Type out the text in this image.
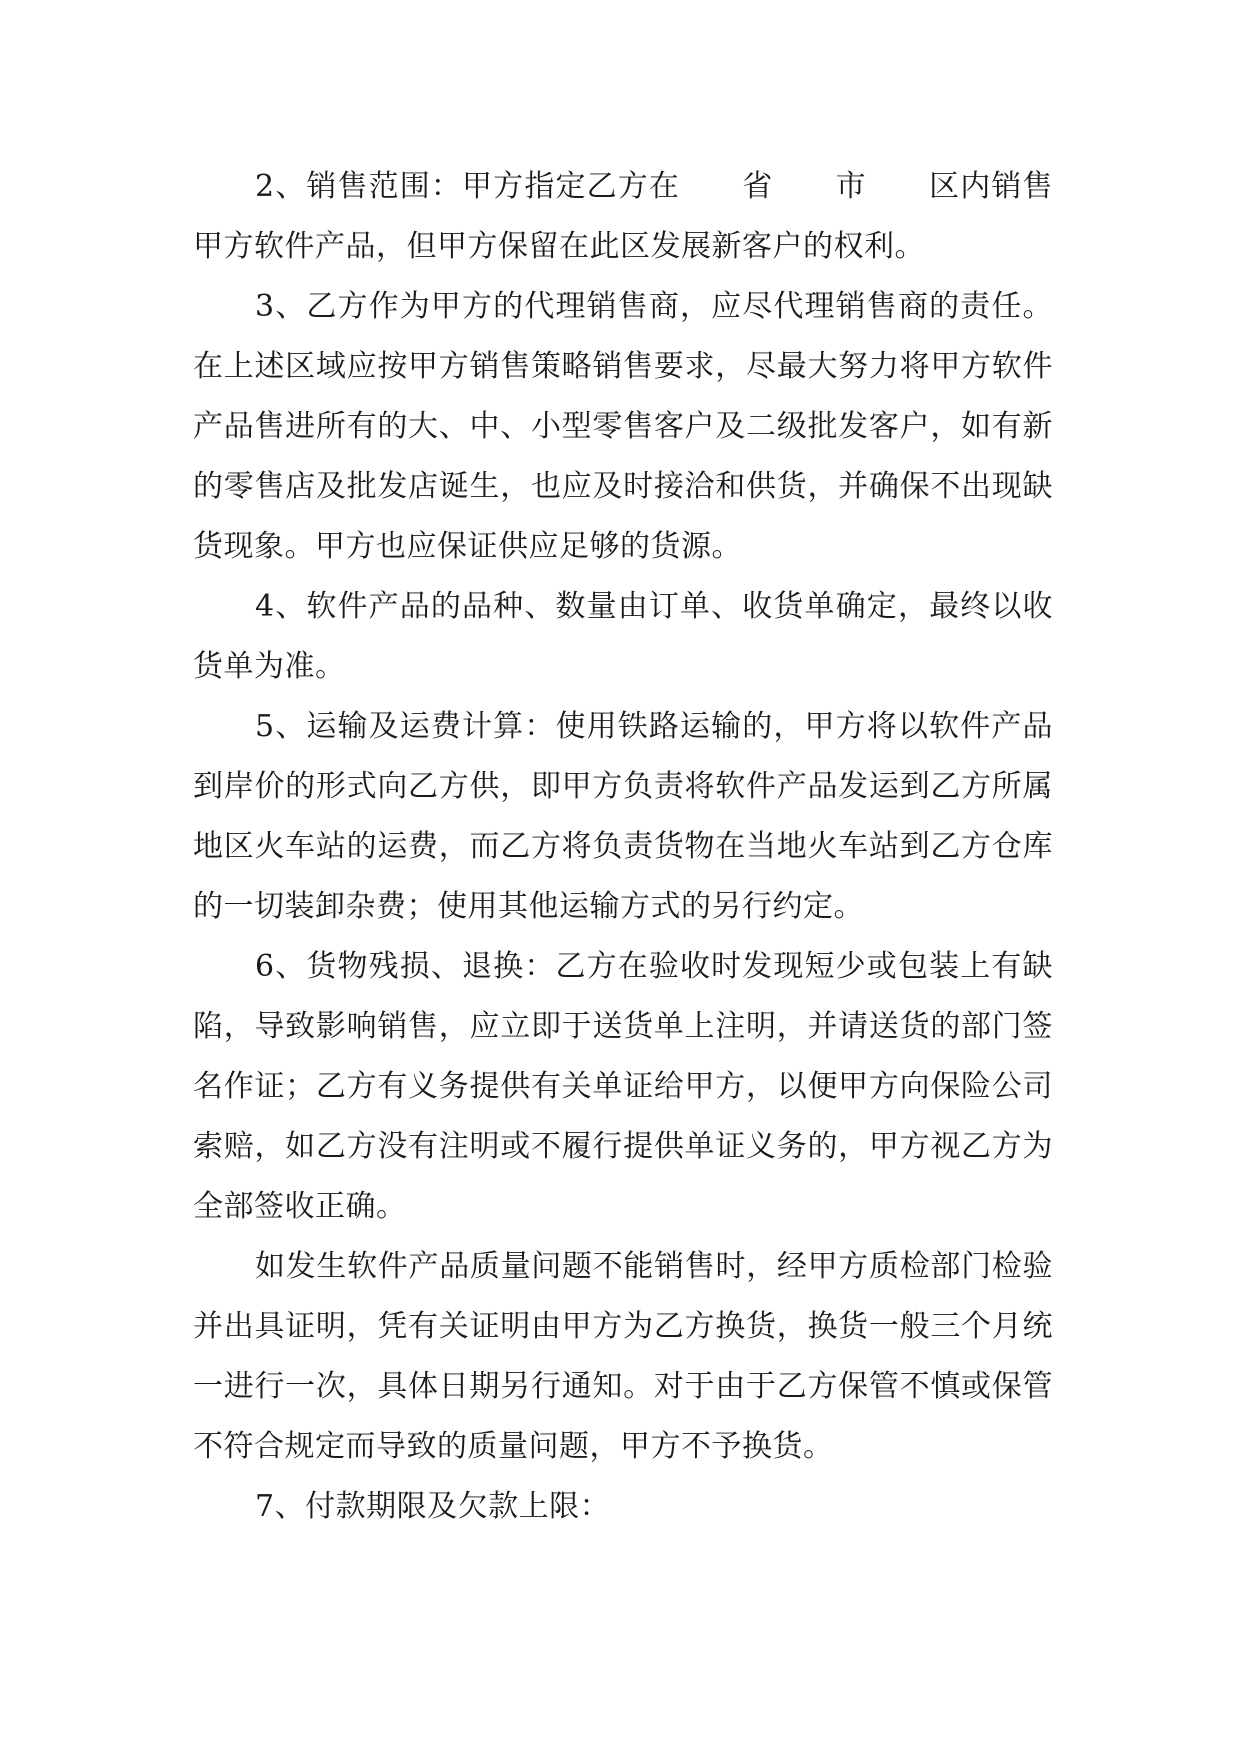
2、销售范围：甲方指定乙方在　　省　　市　　区内销售甲方软件产品，但甲方保留在此区发展新客户的权利。

3、乙方作为甲方的代理销售商，应尽代理销售商的责任。在上述区域应按甲方销售策略销售要求，尽最大努力将甲方软件产品售进所有的大、中、小型零售客户及二级批发客户，如有新的零售店及批发店诞生，也应及时接洽和供货，并确保不出现缺货现象。甲方也应保证供应足够的货源。

4、软件产品的品种、数量由订单、收货单确定，最终以收货单为准。

5、运输及运费计算：使用铁路运输的，甲方将以软件产品到岸价的形式向乙方供，即甲方负责将软件产品发运到乙方所属地区火车站的运费，而乙方将负责货物在当地火车站到乙方仓库的一切装卸杂费；使用其他运输方式的另行约定。

6、货物残损、退换：乙方在验收时发现短少或包装上有缺陷，导致影响销售，应立即于送货单上注明，并请送货的部门签名作证；乙方有义务提供有关单证给甲方，以便甲方向保险公司索赔，如乙方没有注明或不履行提供单证义务的，甲方视乙方为全部签收正确。

如发生软件产品质量问题不能销售时，经甲方质检部门检验并出具证明，凭有关证明由甲方为乙方换货，换货一般三个月统一进行一次，具体日期另行通知。对于由于乙方保管不慎或保管不符合规定而导致的质量问题，甲方不予换货。

7、付款期限及欠款上限：
